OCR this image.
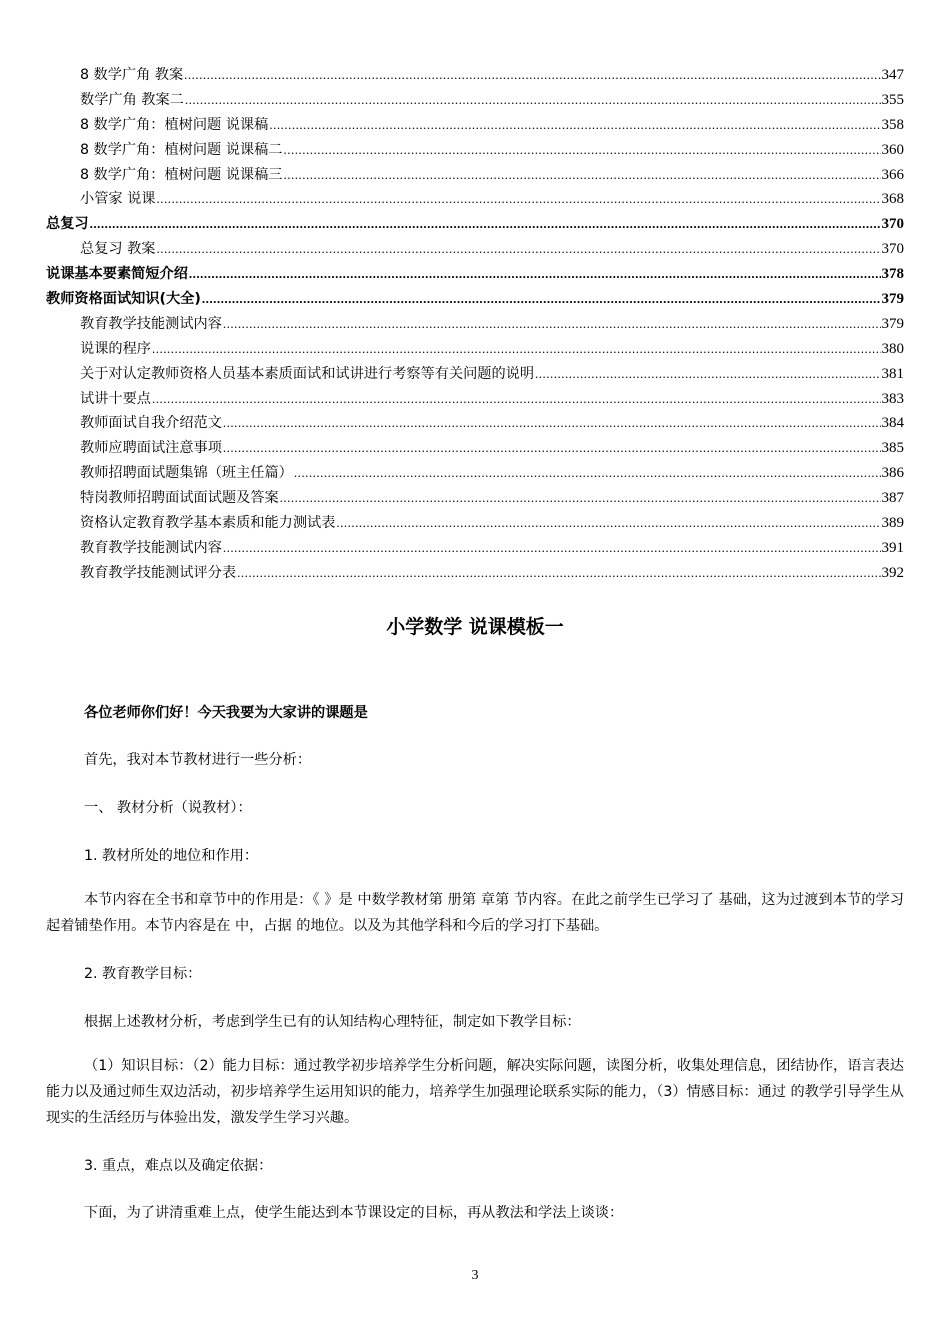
8 数学广角 教案 .....	347
数学广角 教案二 .....	355
8 数学广角：植树问题 说课稿 .....	358
8 数学广角：植树问题 说课稿二 .....	360
8 数学广角：植树问题 说课稿三 .....	366
小管家 说课 .....	368
总复习 .....	370
总复习 教案 .....	370
说课基本要素简短介绍 .....	378
教师资格面试知识(大全) .....	379
教育教学技能测试内容 .....	379
说课的程序 .....	380
关于对认定教师资格人员基本素质面试和试讲进行考察等有关问题的说明 .....	381
试讲十要点 .....	383
教师面试自我介绍范文 .....	384
教师应聘面试注意事项 .....	385
教师招聘面试题集锦（班主任篇） .....	386
特岗教师招聘面试面试题及答案 .....	387
资格认定教育教学基本素质和能力测试表 .....	389
教育教学技能测试内容 .....	391
教育教学技能测试评分表 .....	392
小学数学 说课模板一

各位老师你们好！今天我要为大家讲的课题是

首先，我对本节教材进行一些分析：

一、 教材分析（说教材）：

1. 教材所处的地位和作用：

本节内容在全书和章节中的作用是：《 》是 中数学教材第 册第 章第 节内容。在此之前学生已学习了 基础，这为过渡到本节的学习起着铺垫作用。本节内容是在 中，占据 的地位。以及为其他学科和今后的学习打下基础。

2. 教育教学目标：

根据上述教材分析，考虑到学生已有的认知结构心理特征，制定如下教学目标：

（1）知识目标：（2）能力目标：通过教学初步培养学生分析问题，解决实际问题，读图分析，收集处理信息，团结协作，语言表达能力以及通过师生双边活动，初步培养学生运用知识的能力，培养学生加强理论联系实际的能力，（3）情感目标：通过 的教学引导学生从现实的生活经历与体验出发，激发学生学习兴趣。

3. 重点，难点以及确定依据：

下面，为了讲清重难上点，使学生能达到本节课设定的目标，再从教法和学法上谈谈：

3
